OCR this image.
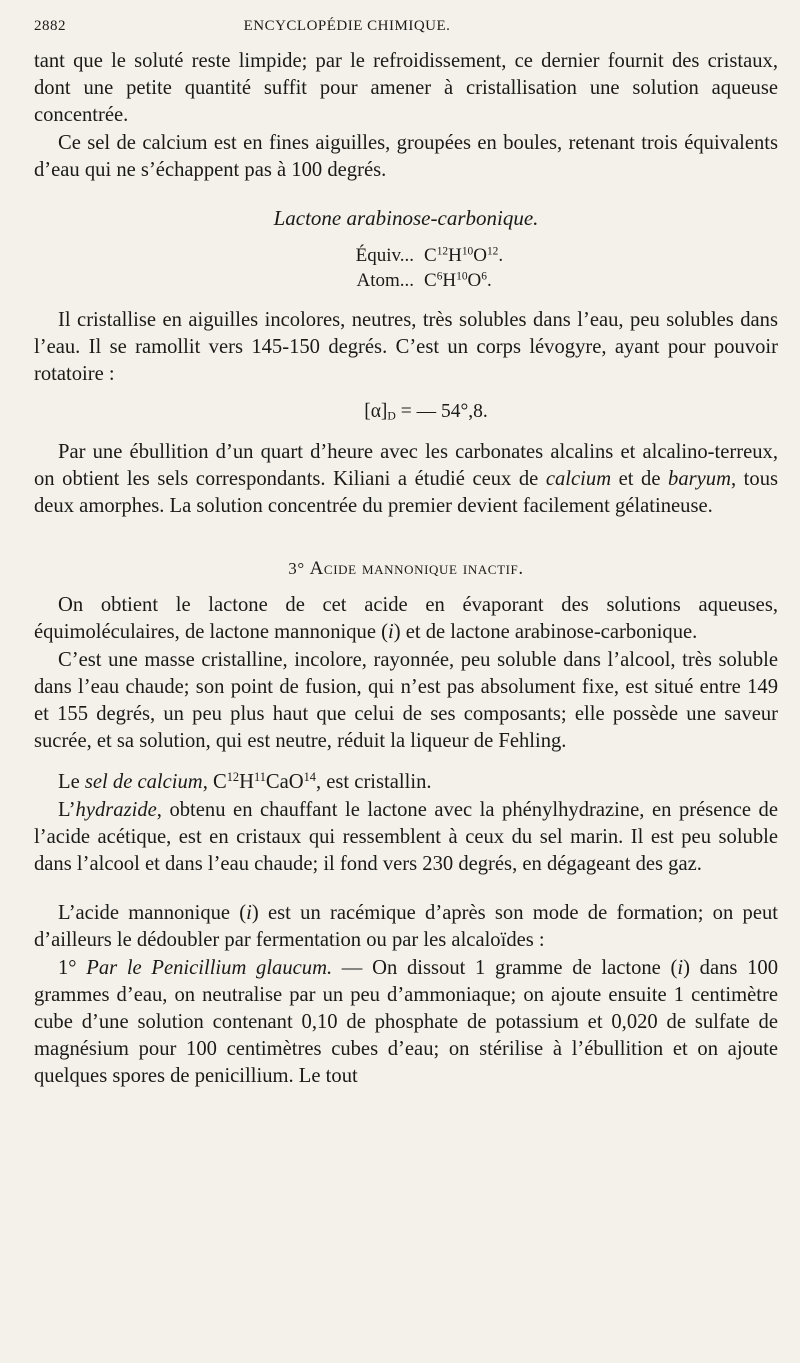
2882	ENCYCLOPÉDIE CHIMIQUE.

tant que le soluté reste limpide; par le refroidissement, ce dernier fournit des cristaux, dont une petite quantité suffit pour amener à cristallisation une solution aqueuse concentrée.

Ce sel de calcium est en fines aiguilles, groupées en boules, retenant trois équivalents d’eau qui ne s’échappent pas à 100 degrés.

Lactone arabinose-carbonique.
Équiv... $C^{12}H^{10}O^{12}$.
Atom... $C^6H^{10}O^6$.

Il cristallise en aiguilles incolores, neutres, très solubles dans l’eau, peu solubles dans l’eau. Il se ramollit vers 145-150 degrés. C’est un corps lévogyre, ayant pour pouvoir rotatoire :

$[\alpha]_D$ = — 54°,8.

Par une ébullition d’un quart d’heure avec les carbonates alcalins et alcalino-terreux, on obtient les sels correspondants. Kiliani a étudié ceux de calcium et de baryum, tous deux amorphes. La solution concentrée du premier devient facilement gélatineuse.

3° Acide mannonique inactif.

On obtient le lactone de cet acide en évaporant des solutions aqueuses, équimoléculaires, de lactone mannonique (i) et de lactone arabinose-carbonique.

C’est une masse cristalline, incolore, rayonnée, peu soluble dans l’alcool, très soluble dans l’eau chaude; son point de fusion, qui n’est pas absolument fixe, est situé entre 149 et 155 degrés, un peu plus haut que celui de ses composants; elle possède une saveur sucrée, et sa solution, qui est neutre, réduit la liqueur de Fehling.

Le sel de calcium, $C^{12}H^{11}CaO^{14}$, est cristallin.

L’hydrazide, obtenu en chauffant le lactone avec la phénylhydrazine, en présence de l’acide acétique, est en cristaux qui ressemblent à ceux du sel marin. Il est peu soluble dans l’alcool et dans l’eau chaude; il fond vers 230 degrés, en dégageant des gaz.

L’acide mannonique (i) est un racémique d’après son mode de formation; on peut d’ailleurs le dédoubler par fermentation ou par les alcaloïdes :

1° Par le Penicillium glaucum. — On dissout 1 gramme de lactone (i) dans 100 grammes d’eau, on neutralise par un peu d’ammoniaque; on ajoute ensuite 1 centimètre cube d’une solution contenant 0,10 de phosphate de potassium et 0,020 de sulfate de magnésium pour 100 centimètres cubes d’eau; on stérilise à l’ébullition et on ajoute quelques spores de penicillium. Le tout
